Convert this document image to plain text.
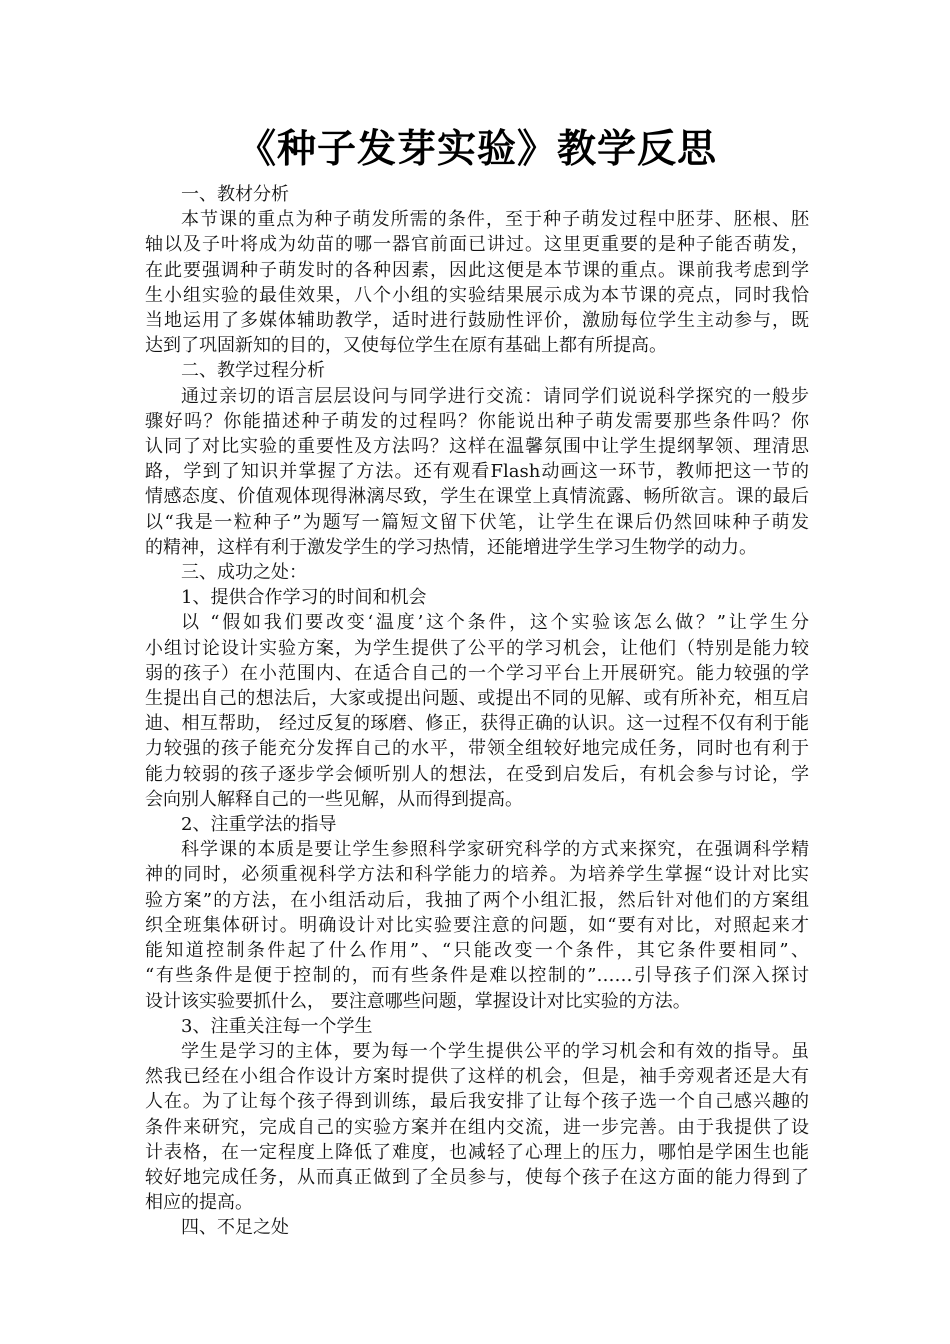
《种子发芽实验》教学反思
一、教材分析
本节课的重点为种子萌发所需的条件，至于种子萌发过程中胚芽、胚根、胚
轴以及子叶将成为幼苗的哪一器官前面已讲过。这里更重要的是种子能否萌发，
在此要强调种子萌发时的各种因素，因此这便是本节课的重点。课前我考虑到学
生小组实验的最佳效果，八个小组的实验结果展示成为本节课的亮点，同时我恰
当地运用了多媒体辅助教学，适时进行鼓励性评价，激励每位学生主动参与，既
达到了巩固新知的目的，又使每位学生在原有基础上都有所提高。
二、教学过程分析
通过亲切的语言层层设问与同学进行交流：请同学们说说科学探究的一般步
骤好吗？你能描述种子萌发的过程吗？你能说出种子萌发需要那些条件吗？你
认同了对比实验的重要性及方法吗？这样在温馨氛围中让学生提纲挈领、理清思
路，学到了知识并掌握了方法。还有观看Flash动画这一环节，教师把这一节的
情感态度、价值观体现得淋漓尽致，学生在课堂上真情流露、畅所欲言。课的最后
以“我是一粒种子”为题写一篇短文留下伏笔，让学生在课后仍然回味种子萌发
的精神，这样有利于激发学生的学习热情，还能增进学生学习生物学的动力。
三、成功之处：
1、提供合作学习的时间和机会
以 “假如我们要改变‘温度’这个条件，这个实验该怎么做？”让学生分
小组讨论设计实验方案，为学生提供了公平的学习机会，让他们（特别是能力较
弱的孩子）在小范围内、在适合自己的一个学习平台上开展研究。能力较强的学
生提出自己的想法后，大家或提出问题、或提出不同的见解、或有所补充，相互启
迪、相互帮助， 经过反复的琢磨、修正，获得正确的认识。这一过程不仅有利于能
力较强的孩子能充分发挥自己的水平，带领全组较好地完成任务，同时也有利于
能力较弱的孩子逐步学会倾听别人的想法，在受到启发后，有机会参与讨论，学
会向别人解释自己的一些见解，从而得到提高。
2、注重学法的指导
科学课的本质是要让学生参照科学家研究科学的方式来探究，在强调科学精
神的同时，必须重视科学方法和科学能力的培养。为培养学生掌握“设计对比实
验方案”的方法，在小组活动后，我抽了两个小组汇报，然后针对他们的方案组
织全班集体研讨。明确设计对比实验要注意的问题，如“要有对比，对照起来才
能知道控制条件起了什么作用”、“只能改变一个条件，其它条件要相同”、
“有些条件是便于控制的，而有些条件是难以控制的”……引导孩子们深入探讨
设计该实验要抓什么， 要注意哪些问题，掌握设计对比实验的方法。
3、注重关注每一个学生
学生是学习的主体，要为每一个学生提供公平的学习机会和有效的指导。虽
然我已经在小组合作设计方案时提供了这样的机会，但是，袖手旁观者还是大有
人在。为了让每个孩子得到训练，最后我安排了让每个孩子选一个自己感兴趣的
条件来研究，完成自己的实验方案并在组内交流，进一步完善。由于我提供了设
计表格，在一定程度上降低了难度，也减轻了心理上的压力，哪怕是学困生也能
较好地完成任务，从而真正做到了全员参与，使每个孩子在这方面的能力得到了
相应的提高。
四、不足之处
